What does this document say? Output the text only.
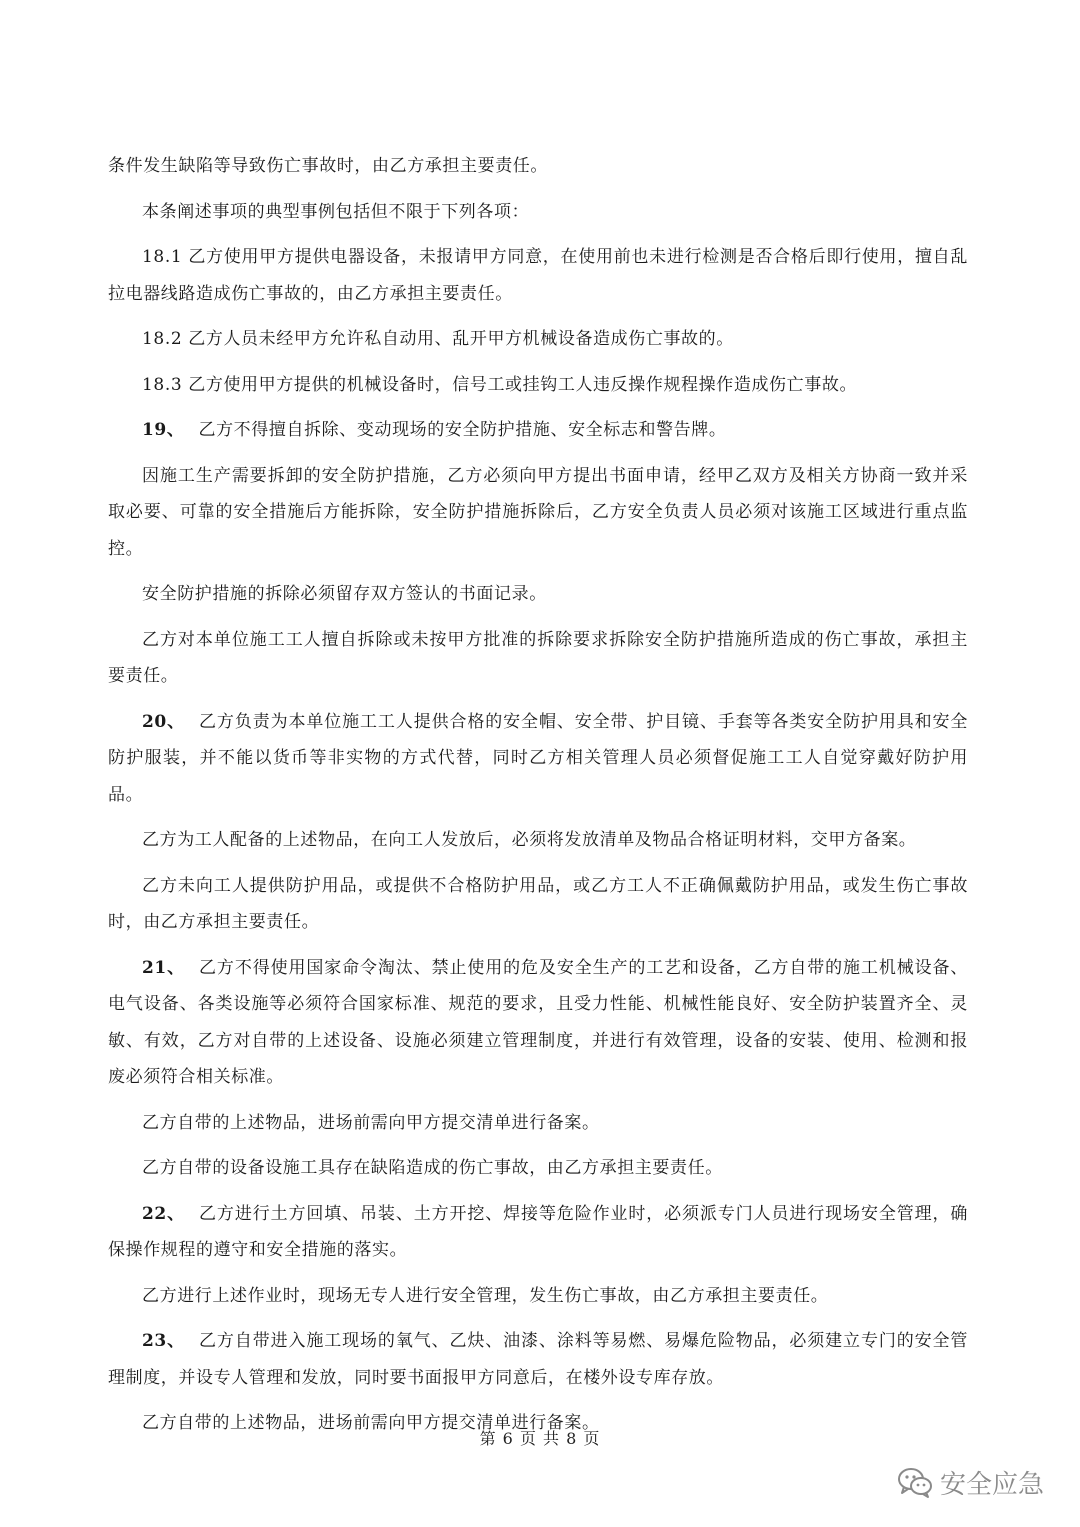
条件发生缺陷等导致伤亡事故时，由乙方承担主要责任。

本条阐述事项的典型事例包括但不限于下列各项：

18.1 乙方使用甲方提供电器设备，未报请甲方同意，在使用前也未进行检测是否合格后即行使用，擅自乱拉电器线路造成伤亡事故的，由乙方承担主要责任。

18.2 乙方人员未经甲方允许私自动用、乱开甲方机械设备造成伤亡事故的。

18.3 乙方使用甲方提供的机械设备时，信号工或挂钩工人违反操作规程操作造成伤亡事故。

19、 乙方不得擅自拆除、变动现场的安全防护措施、安全标志和警告牌。

因施工生产需要拆卸的安全防护措施，乙方必须向甲方提出书面申请，经甲乙双方及相关方协商一致并采取必要、可靠的安全措施后方能拆除，安全防护措施拆除后，乙方安全负责人员必须对该施工区域进行重点监控。

安全防护措施的拆除必须留存双方签认的书面记录。

乙方对本单位施工工人擅自拆除或未按甲方批准的拆除要求拆除安全防护措施所造成的伤亡事故，承担主要责任。

20、 乙方负责为本单位施工工人提供合格的安全帽、安全带、护目镜、手套等各类安全防护用具和安全防护服装，并不能以货币等非实物的方式代替，同时乙方相关管理人员必须督促施工工人自觉穿戴好防护用品。

乙方为工人配备的上述物品，在向工人发放后，必须将发放清单及物品合格证明材料，交甲方备案。

乙方未向工人提供防护用品，或提供不合格防护用品，或乙方工人不正确佩戴防护用品，或发生伤亡事故时，由乙方承担主要责任。

21、 乙方不得使用国家命令淘汰、禁止使用的危及安全生产的工艺和设备，乙方自带的施工机械设备、电气设备、各类设施等必须符合国家标准、规范的要求，且受力性能、机械性能良好、安全防护装置齐全、灵敏、有效，乙方对自带的上述设备、设施必须建立管理制度，并进行有效管理，设备的安装、使用、检测和报废必须符合相关标准。

乙方自带的上述物品，进场前需向甲方提交清单进行备案。

乙方自带的设备设施工具存在缺陷造成的伤亡事故，由乙方承担主要责任。

22、 乙方进行土方回填、吊装、土方开挖、焊接等危险作业时，必须派专门人员进行现场安全管理，确保操作规程的遵守和安全措施的落实。

乙方进行上述作业时，现场无专人进行安全管理，发生伤亡事故，由乙方承担主要责任。

23、 乙方自带进入施工现场的氧气、乙炔、油漆、涂料等易燃、易爆危险物品，必须建立专门的安全管理制度，并设专人管理和发放，同时要书面报甲方同意后，在楼外设专库存放。

乙方自带的上述物品，进场前需向甲方提交清单进行备案。

第 6 页 共 8 页
安全应急
